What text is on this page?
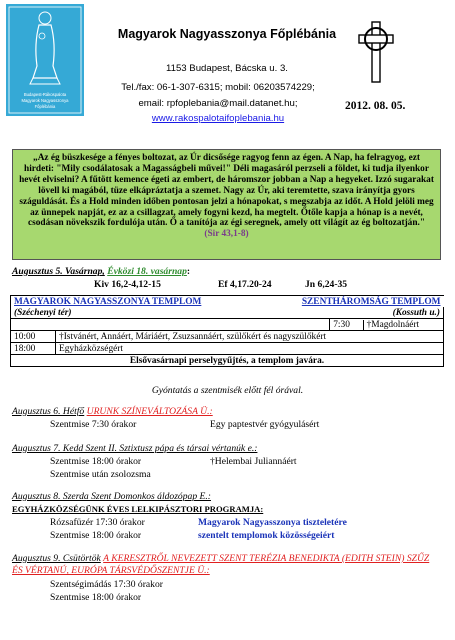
Budapest-Rákospalota
Magyarok Nagyasszonya
Főplébánia
Magyarok Nagyasszonya Főplébánia
1153 Budapest, Bácska u. 3.
Tel./fax: 06-1-307-6315; mobil: 06203574229;
email: rpfoplebania@mail.datanet.hu;
www.rakospalotaifoplebania.hu
2012. 08. 05.
„Az ég büszkesége a fényes boltozat, az Úr dicsősége ragyog fenn az égen. A Nap, ha felragyog, ezt hirdeti: "Mily csodálatosak a Magasságbeli művei!" Déli magasáról perzseli a földet, ki tudja ilyenkor hevét elviselni? A fűtött kemence égeti az embert, de háromszor jobban a Nap a hegyeket. Izzó sugarakat lövell ki magából, tüze elkápráztatja a szemet. Nagy az Úr, aki teremtette, szava irányítja gyors száguldását. És a Hold minden időben pontosan jelzi a hónapokat, s megszabja az időt. A Hold jelöli meg az ünnepek napját, ez az a csillagzat, amely fogyni kezd, ha megtelt. Őtőle kapja a hónap is a nevét, csodásan növekszik fordulója után. Ő a tanítója az égi seregnek, amely ott világít az ég boltozatján."
(Sir 43,1-8)
Augusztus 5. Vasárnap, Évközi 18. vasárnap:
Kiv 16,2-4,12-15	Ef 4,17.20-24	Jn 6,24-35
MAGYAROK NAGYASSZONYA TEMPLOM SZENTHÁROMSÁG TEMPLOM		

(Széchenyi tér) (Kossuth u.)		

		7:30 †Magdolnáért
10:00	†Istvánért, Annáért, Máriáért, Zsuzsannáért, szülőkért és nagyszülőkért	
18:00	Egyházközségért	
Elsővasárnapi perselygyűjtés, a templom javára.		
Gyóntatás a szentmisék előtt fél órával.
Augusztus 6. Hétfő URUNK SZÍNEVÁLTOZÁSA Ü.:
Szentmise 7:30 órakor	Egy paptestvér gyógyulásért
Augusztus 7. Kedd Szent II. Sztixtusz pápa és társai vértanúk e.:
Szentmise 18:00 órakor	†Helembai Juliannáért
Szentmise után zsolozsma
Augusztus 8. Szerda Szent Domonkos áldozópap E.:
EGYHÁZKÖZSÉGÜNK ÉVES LELKIPÁSZTORI PROGRAMJA:
Rózsafüzér 17:30 órakor	Magyarok Nagyasszonya tiszteletére
Szentmise 18:00 órakor	szentelt templomok közösségeiért
Augusztus 9. Csütörtök A KERESZTRŐL NEVEZETT SZENT TERÉZIA BENEDIKTA (EDITH STEIN) SZŰZ ÉS VÉRTANÚ, EURÓPA TÁRSVÉDŐSZENTJE Ü.:
Szentségimádás 17:30 órakor
Szentmise 18:00 órakor
